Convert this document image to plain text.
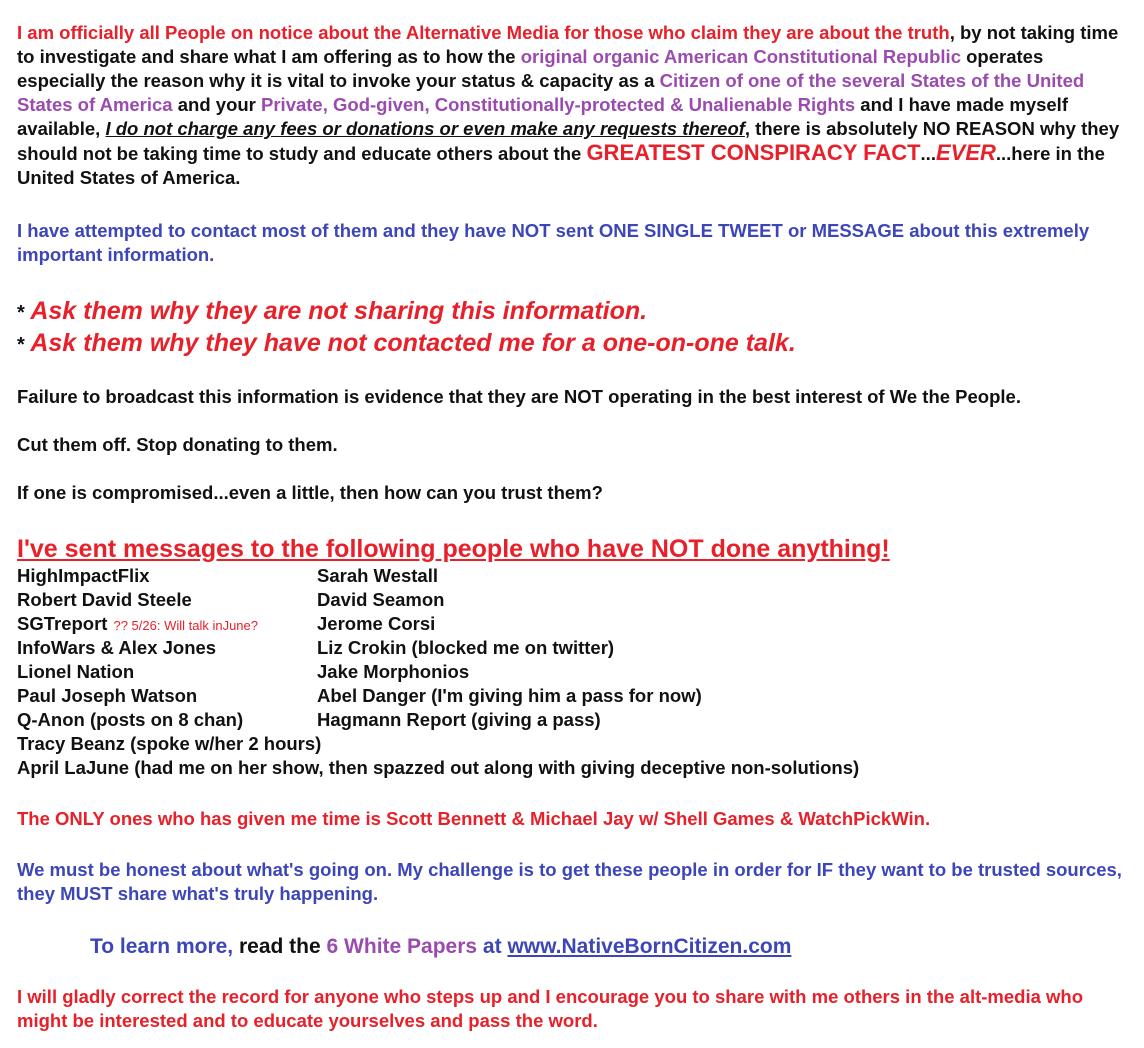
I am officially all People on notice about the Alternative Media for those who claim they are about the truth, by not taking time to investigate and share what I am offering as to how the original organic American Constitutional Republic operates especially the reason why it is vital to invoke your status & capacity as a Citizen of one of the several States of the United States of America and your Private, God-given, Constitutionally-protected & Unalienable Rights and I have made myself available, I do not charge any fees or donations or even make any requests thereof, there is absolutely NO REASON why they should not be taking time to study and educate others about the GREATEST CONSPIRACY FACT...EVER...here in the United States of America.

I have attempted to contact most of them and they have NOT sent ONE SINGLE TWEET or MESSAGE about this extremely important information.

* Ask them why they are not sharing this information.
* Ask them why they have not contacted me for a one-on-one talk.

Failure to broadcast this information is evidence that they are NOT operating in the best interest of We the People.

Cut them off. Stop donating to them.

If one is compromised...even a little, then how can you trust them?

I've sent messages to the following people who have NOT done anything!
HighImpactFlix	Sarah Westall
Robert David Steele	David Seamon
SGTreport ?? 5/26: Will talk inJune?	Jerome Corsi
InfoWars & Alex Jones	Liz Crokin (blocked me on twitter)
Lionel Nation	Jake Morphonios
Paul Joseph Watson	Abel Danger (I'm giving him a pass for now)
Q-Anon (posts on 8 chan)	Hagmann Report (giving a pass)
Tracy Beanz (spoke w/her 2 hours)
April LaJune (had me on her show, then spazzed out along with giving deceptive non-solutions)

The ONLY ones who has given me time is Scott Bennett & Michael Jay w/ Shell Games & WatchPickWin.

We must be honest about what's going on. My challenge is to get these people in order for IF they want to be trusted sources, they MUST share what's truly happening.

To learn more, read the 6 White Papers at www.NativeBornCitizen.com

I will gladly correct the record for anyone who steps up and I encourage you to share with me others in the alt-media who might be interested and to educate yourselves and pass the word.
